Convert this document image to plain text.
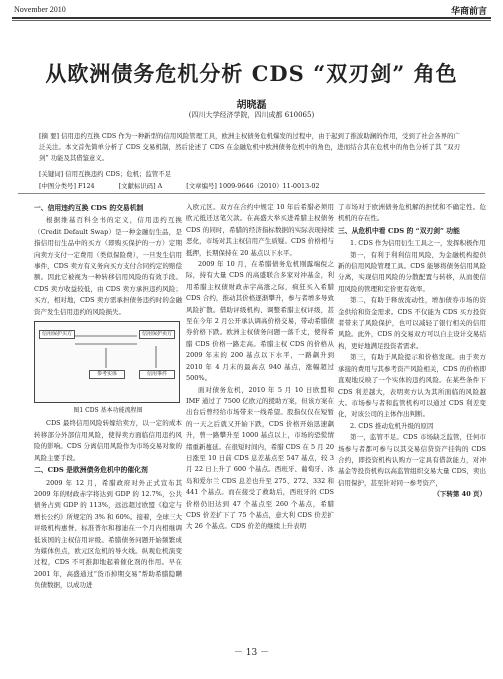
November 2010	华商前言
从欧洲债务危机分析 CDS “双刃剑” 角色
胡晓磊
(四川大学经济学院，四川成都 610065)
[摘 要] 信用违约互换 CDS 作为一种新型的信用风险管理工具，欧洲主权债务危机爆发的过程中，由于起到了推波助澜的作用，受到了社会各界的广泛关注。本文首先简单分析了 CDS 交易机制，然后论述了 CDS 在金融危机中欧洲债务危机中的角色，进而结合其在危机中的角色分析了其 “双刃剑” 功能及其借鉴意义。
[关键词] 信用互换违约 CDS；危机；监管不足
[中图分类号] F124	[文献标识码] A	[文章编号] 1009-9646（2010）11-0013-02
一、信用违约互换 CDS 的交易机制

根据维基百科全书的定义，信用违约互换（Credit Default Swap）是一种金融衍生品，是指信用衍生品中的买方（即购买保护的一方）定期向卖方支付一定费用（类似保险费），一旦发生信用事件，CDS 卖方有义务向买方支付合同约定的赔偿额。因此它被视为一种转移信用风险的有效手段。CDS 卖方收益较低，由 CDS 卖方承担违约风险；买方，相对地，CDS 卖方需承担债务违约时的金融资产发生信用违约的风险损失。

信用保护买方	信用保护卖方
参考实体	信用事件
图1 CDS 基本功能流程图

CDS 最终信用风险转嫁给卖方，以一定的成本转移部分外部信用风险，使得卖方面临信用违约风险的影响。CDS 分离信用风险作为市场交易对象的风险主要手段。

二、CDS 是欧洲债务危机中的催化剂

2009 年 12 月，希腊政府对外正式宣布其 2009 年的财政赤字将达到 GDP 的 12.7%，公共债务占到 GDP 的 113%，远远超过欧盟《稳定与增长公约》所规定的 3% 和 60%。接着，全球三大评级机构惠誉、标准普尔和穆迪在一个月内相继调低该国的主权信用评级。希腊债务问题开始频繁成为媒体焦点，欧元区危机的导火线。纵观危机演变过程，CDS 不可推卸地起着催化剂的作用。早在 2001 年，高盛通过“货币掉期交易”帮助希腊隐瞒负债数据，以成功进

入欧元区。双方在合约中规定 10 年后希腊必须用欧元抵还这笔欠款。在高盛大举买进希腊主权债务 CDS 的同时，希腊的经济指标数据的实际表现持续恶化，市场对其主权信用产生质疑。CDS 价格相与抵押，长期保持在 20 基点以下水平。

2009 年 10 月，在希腊债务危机刚露端倪之际，持有大量 CDS 的高盛联合多家对冲基金，利用希腊主权债财政赤字高涨之际，疯狂买入希腊 CDS 合约，推动其价格逐渐攀升，参与者增多导致风险扩散。借助评级机构、调整希腊主权评级，甚至在今年 2 月公开承认调高价格交易，带动希腊债券价格下跌。欧洲主权债务问题一落千丈，使得希腊 CDS 价格一路走高。希腊主权 CDS 的价格从 2009 年末的 200 基点以下水平，一路飙升到 2010 年 4 月末的最高点 940 基点，涨幅超过 500%。

面对债务危机，2010 年 5 月 10 日欧盟和 IMF 通过了 7500 亿欧元的援助方案，但该方案在出台后曾经给市场带来一线希望。股指仅仅在短暂的一天之后就又开始下跌，CDS 价格开始迅速飙升，曾一路攀升至 1000 基点以上，市场的恐慌情绪重新蔓延。在很短时间内，希腊 CDS 在 5 月 20 日涨至 10 日前 CDS 息差基点至 547 基点，较 3 月 22 日上升了 600 个基点。西班牙、葡萄牙、冰岛和爱尔兰 CDS 息差也升至 275、272、332 和 441 个基点。而在接受了救助后，西班牙的 CDS 价格仍旧达到 47 个基点至 260 个基点，希腊 CDS 价差扩下了 75 个基点，意大利 CDS 价差扩大 26 个基点。CDS 价差的继续上升表明

了市场对于欧洲债务危机解的担忧和不确定性。危机机的存在性。

三、从危机中看 CDS 的 “双刃剑” 功能

1. CDS 作为信用衍生工具之一，发挥积极作用

第一，有利于利利信用风险，为金融机构提供新的信用风险管理工具。CDS 能够将债务信用风险分离，实现信用风险的分散配置与转移，从而使信用风险的管理和定价更有效率。

第二，有助于释放流动性，增加债券市场的资金供给和资金需求。CDS 不仅能为 CDS 买方投资者带来了风险保护，也可以减轻了银行相关的信用风险。此外，CDS 的交易双方可以自主设计交易结构，更好地满足投资者需求。

第三，有助于风险提示和价格发现。由于卖方承接的费用与其参考资产风险相关，CDS 的价格即直观地反映了一个实体的违约风险。在某些条件下 CDS 利差越大，表明卖方认为其所面临的风险越大。市场参与者和监管机构可以通过 CDS 利差变化，对该公司的主体作出判断。

2. CDS 推动危机升级的原因

第一，监管不足。CDS 市场缺乏监管，任何市场参与者都可参与以其交易信贷资产挂钩的 CDS 合约，即投资机构认购方一定具有借款能力，对冲基金等投资机构以高监管组织交易大量 CDS，卖出信用保护，甚至针对同一参考资产，

（下转第 40 页）
－ 13 －
